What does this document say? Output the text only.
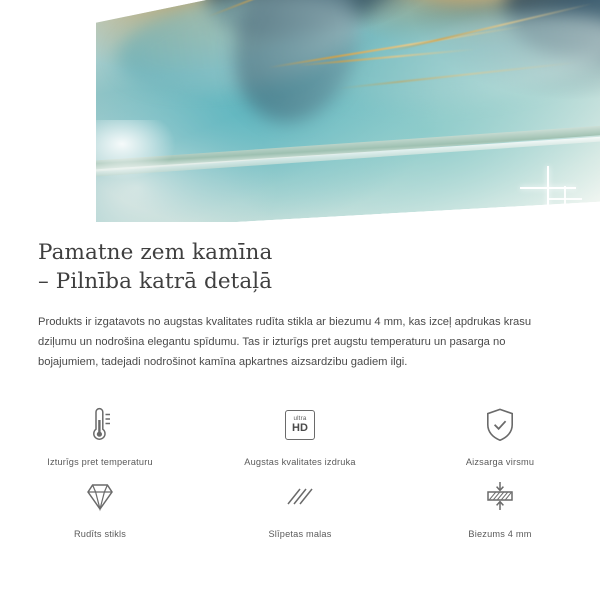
Pamatne zem kamīna
– Pilnība katrā detaļā

Produkts ir izgatavots no augstas kvalitates rudīta stikla ar biezumu 4 mm, kas izceļ apdrukas krasu dziļumu un nodrošina elegantu spīdumu. Tas ir izturīgs pret augstu temperaturu un pasarga no bojajumiem, tadejadi nodrošinot kamīna apkartnes aizsardzibu gadiem ilgi.

Izturīgs pret temperaturu
ultra
HD
Augstas kvalitates izdruka	Aizsarga virsmu
Rudīts stikls	Slīpetas malas	Biezums 4 mm
